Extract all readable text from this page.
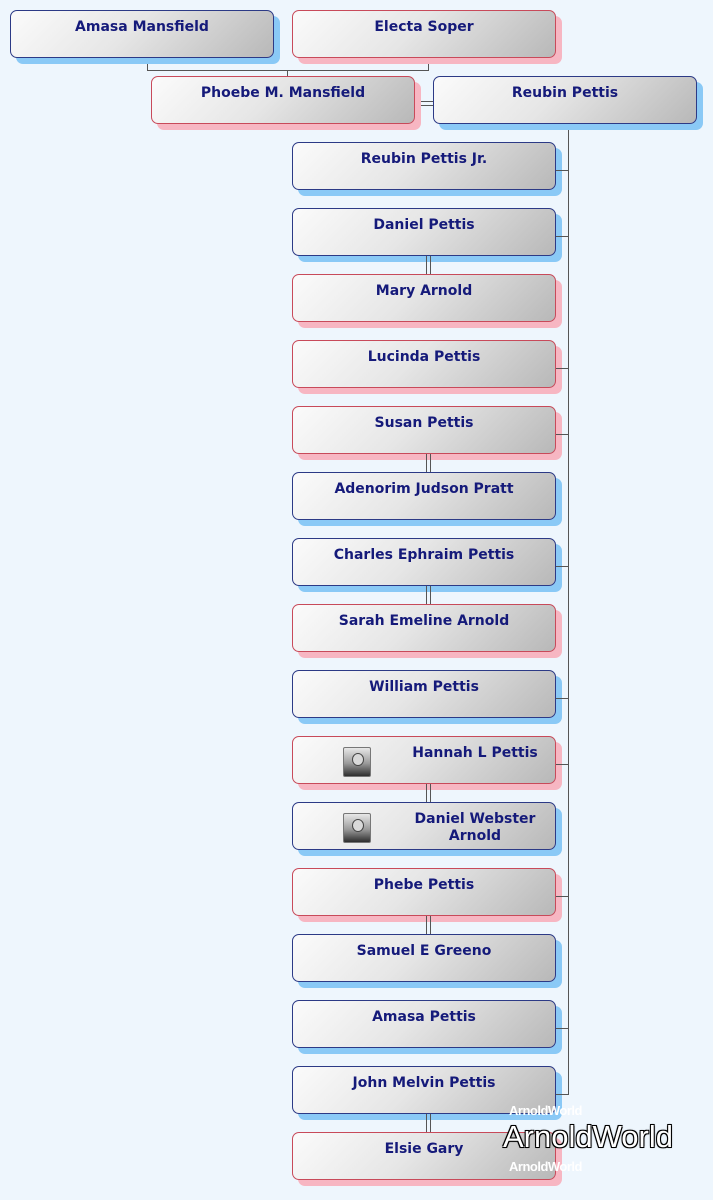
Amasa Mansfield	Electa Soper
Phoebe M. Mansfield	Reubin Pettis
Reubin Pettis Jr.
Daniel Pettis
Mary Arnold
Lucinda Pettis
Susan Pettis
Adenorim Judson Pratt
Charles Ephraim Pettis
Sarah Emeline Arnold
William Pettis
Hannah L Pettis
Daniel Webster Arnold
Phebe Pettis
Samuel E Greeno
Amasa Pettis
John Melvin Pettis
Elsie Gary
ArnoldWorld
ArnoldWorld
ArnoldWorld
